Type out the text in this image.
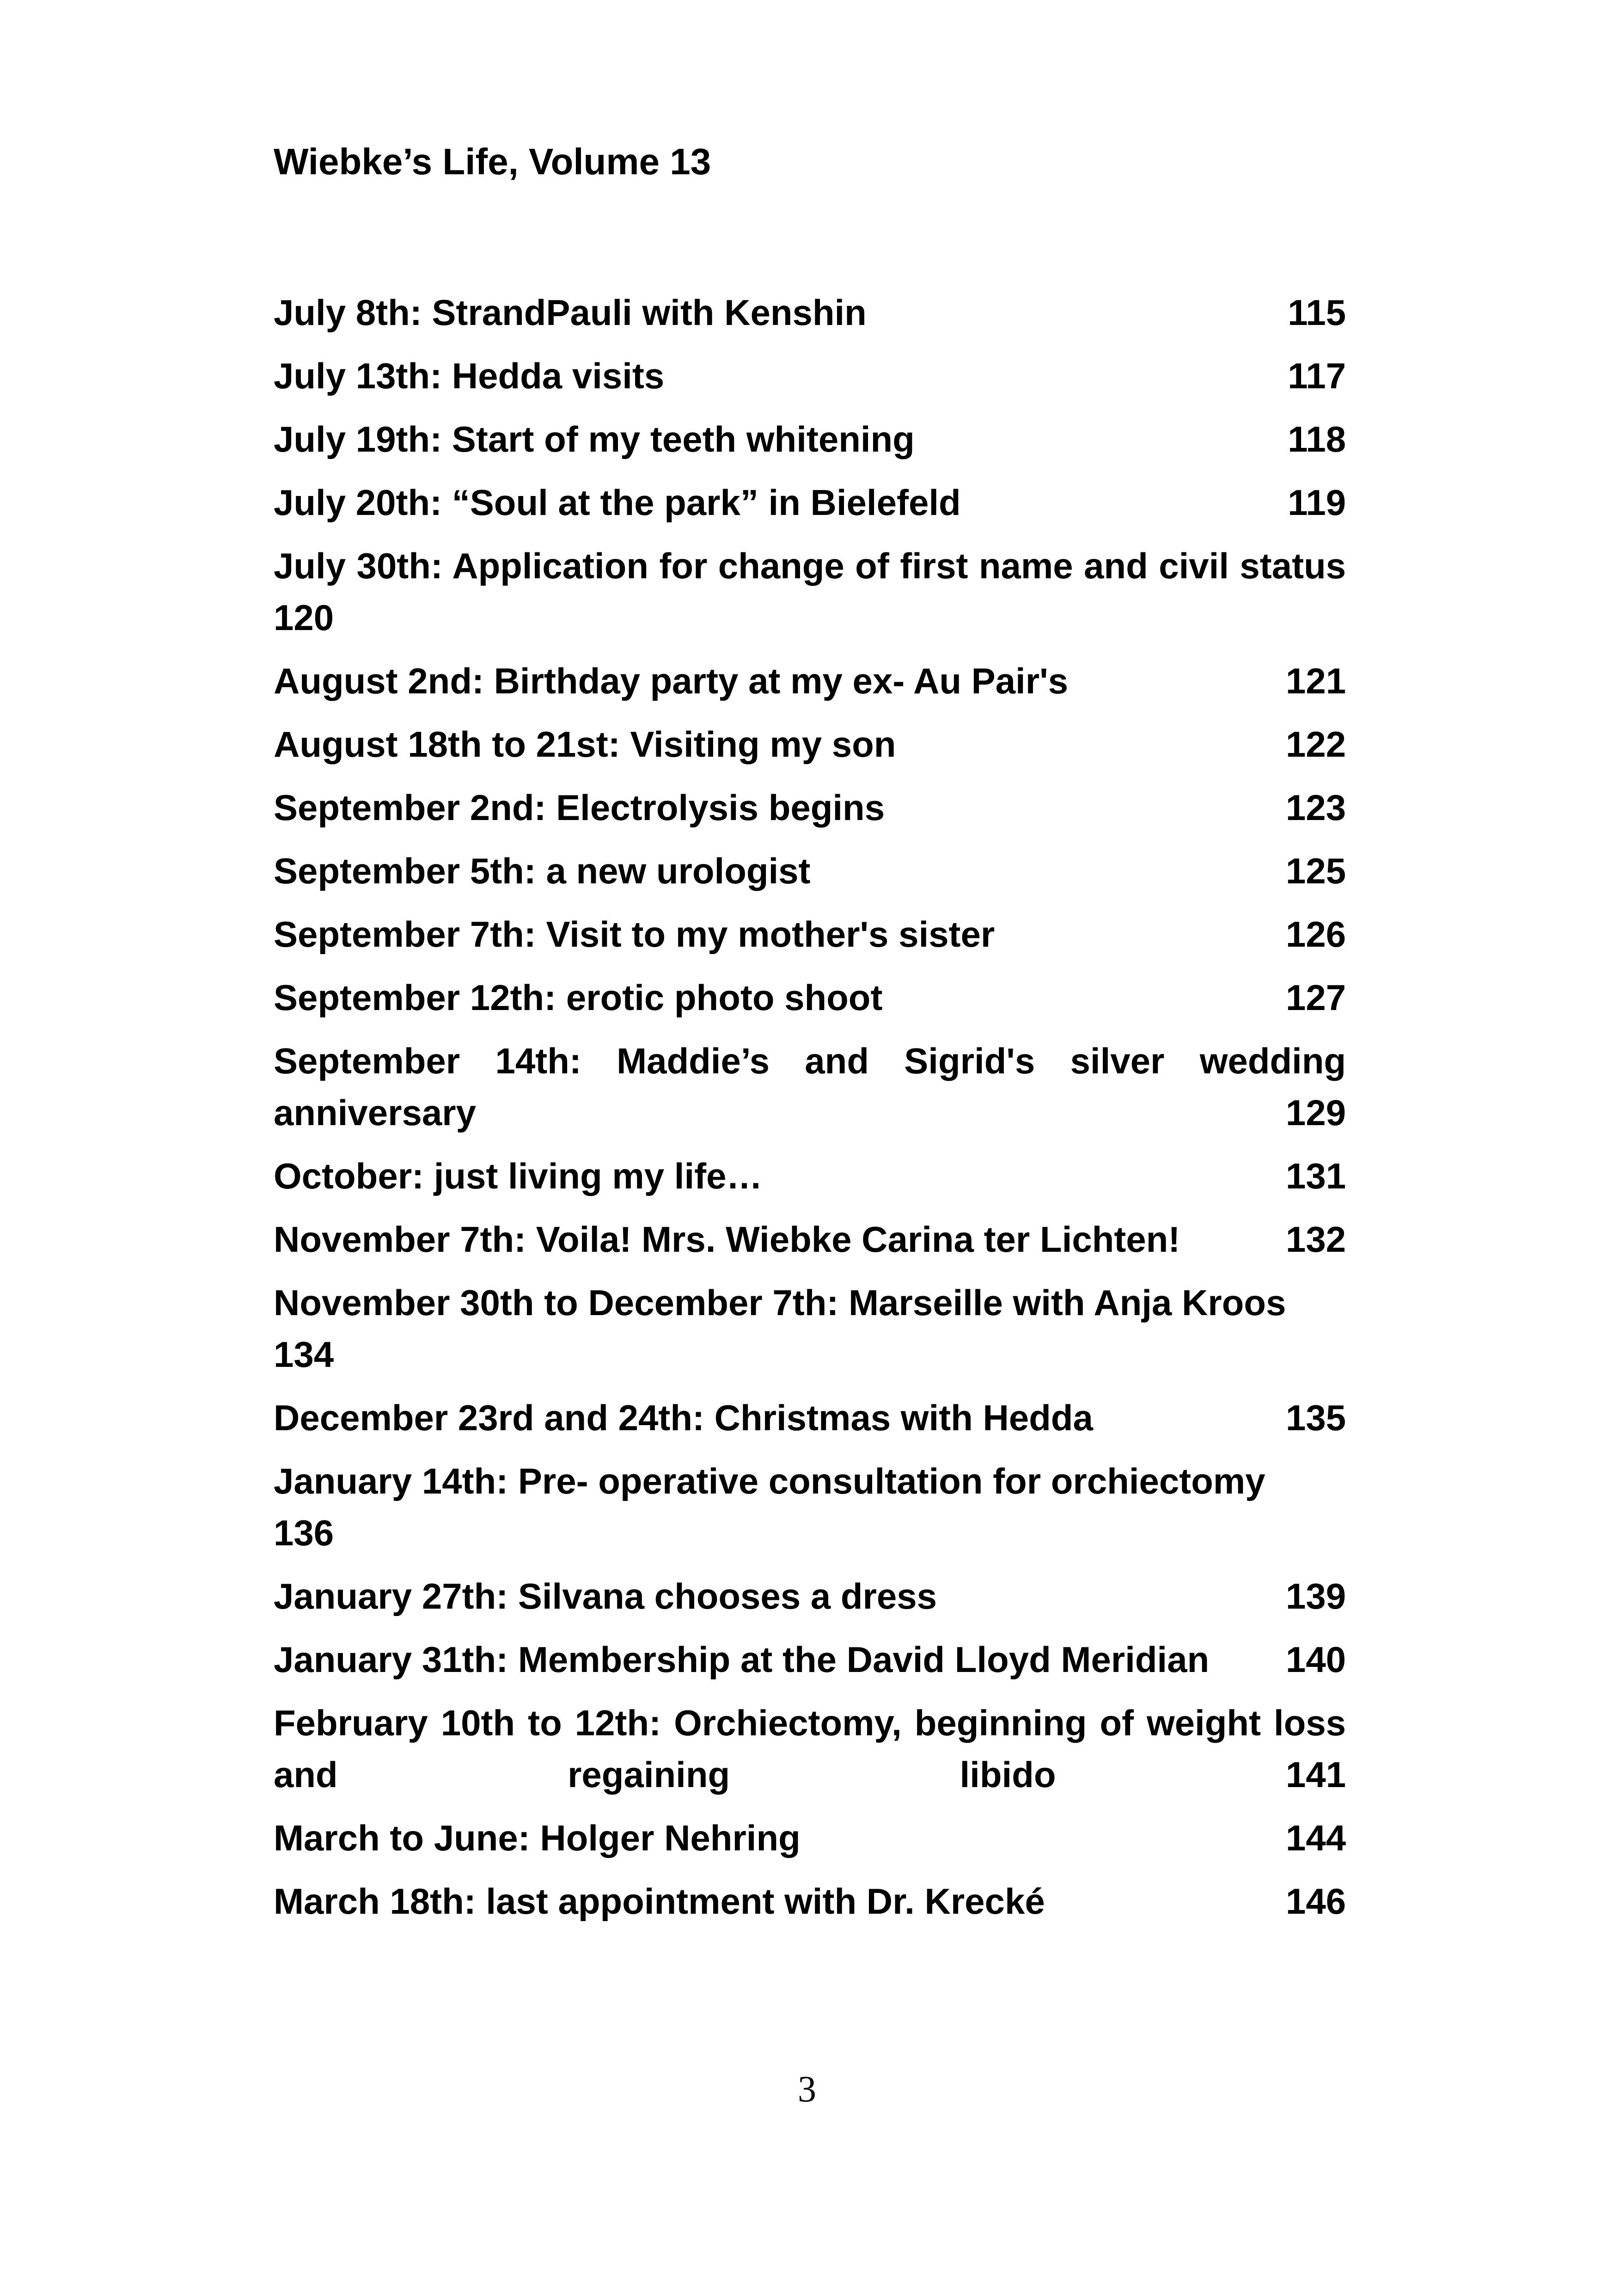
Wiebke’s Life, Volume 13
July 8th: StrandPauli with Kenshin	115
July 13th: Hedda visits	117
July 19th: Start of my teeth whitening	118
July 20th: “Soul at the park” in Bielefeld	119
July 30th: Application for change of first name and civil status 120
August 2nd: Birthday party at my ex- Au Pair's	121
August 18th to 21st: Visiting my son	122
September 2nd: Electrolysis begins	123
September 5th: a new urologist	125
September 7th: Visit to my mother's sister	126
September 12th: erotic photo shoot	127
September 14th: Maddie’s and Sigrid's silver wedding anniversary	129
October: just living my life…	131
November 7th: Voila! Mrs. Wiebke Carina ter Lichten!	132
November 30th to December 7th: Marseille with Anja Kroos
134
December 23rd and 24th: Christmas with Hedda	135
January 14th: Pre- operative consultation for orchiectomy
136
January 27th: Silvana chooses a dress	139
January 31th: Membership at the David Lloyd Meridian 140
February 10th to 12th: Orchiectomy, beginning of weight loss and regaining libido	141
March to June: Holger Nehring	144
March 18th: last appointment with Dr. Krecké	146
3
